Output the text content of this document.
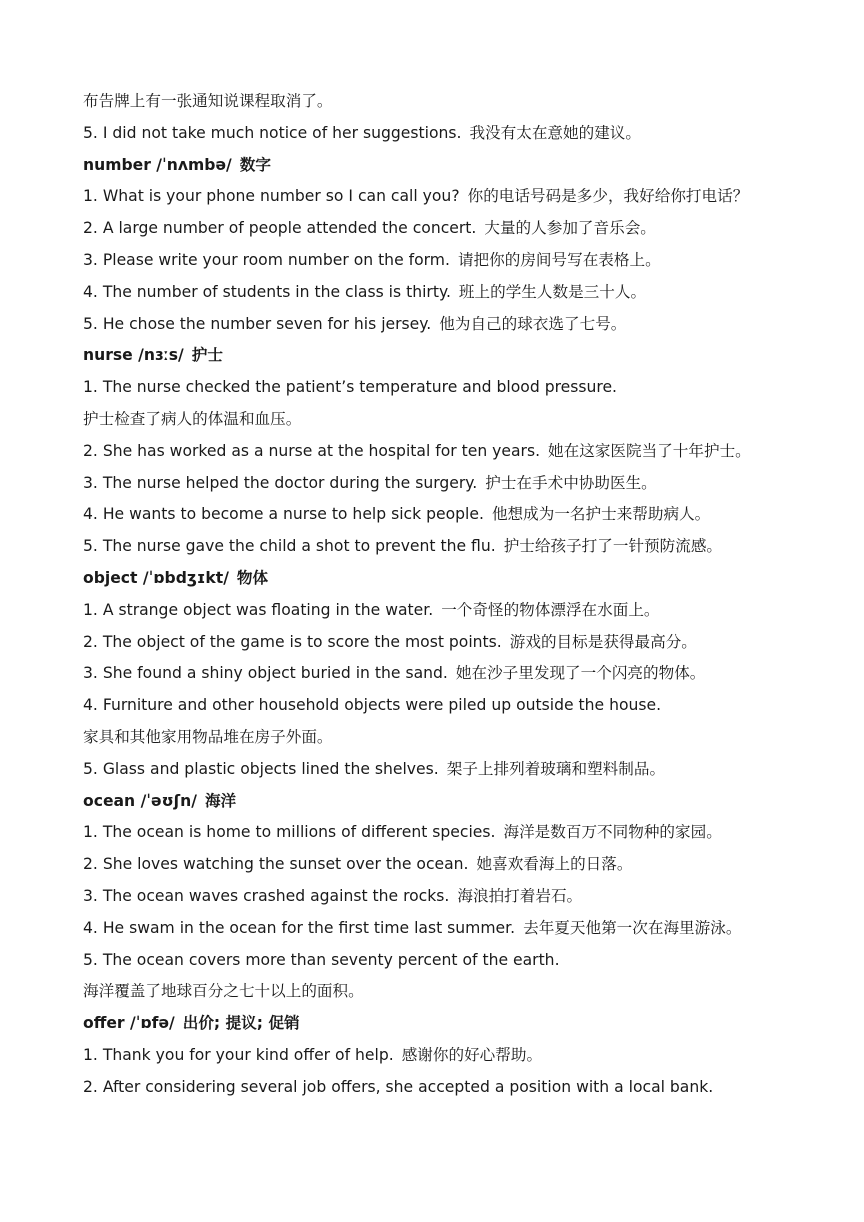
布告牌上有一张通知说课程取消了。
5. I did not take much notice of her suggestions. 我没有太在意她的建议。
number /ˈnʌmbə/ 数字
1. What is your phone number so I can call you? 你的电话号码是多少，我好给你打电话？
2. A large number of people attended the concert. 大量的人参加了音乐会。
3. Please write your room number on the form. 请把你的房间号写在表格上。
4. The number of students in the class is thirty. 班上的学生人数是三十人。
5. He chose the number seven for his jersey. 他为自己的球衣选了七号。
nurse /nɜːs/ 护士
1. The nurse checked the patient’s temperature and blood pressure.
护士检查了病人的体温和血压。
2. She has worked as a nurse at the hospital for ten years. 她在这家医院当了十年护士。
3. The nurse helped the doctor during the surgery. 护士在手术中协助医生。
4. He wants to become a nurse to help sick people. 他想成为一名护士来帮助病人。
5. The nurse gave the child a shot to prevent the flu. 护士给孩子打了一针预防流感。
object /ˈɒbdʒɪkt/ 物体
1. A strange object was floating in the water. 一个奇怪的物体漂浮在水面上。
2. The object of the game is to score the most points. 游戏的目标是获得最高分。
3. She found a shiny object buried in the sand. 她在沙子里发现了一个闪亮的物体。
4. Furniture and other household objects were piled up outside the house.
家具和其他家用物品堆在房子外面。
5. Glass and plastic objects lined the shelves. 架子上排列着玻璃和塑料制品。
ocean /ˈəʊʃn/ 海洋
1. The ocean is home to millions of different species. 海洋是数百万不同物种的家园。
2. She loves watching the sunset over the ocean. 她喜欢看海上的日落。
3. The ocean waves crashed against the rocks. 海浪拍打着岩石。
4. He swam in the ocean for the first time last summer. 去年夏天他第一次在海里游泳。
5. The ocean covers more than seventy percent of the earth.
海洋覆盖了地球百分之七十以上的面积。
offer /ˈɒfə/ 出价; 提议; 促销
1. Thank you for your kind offer of help. 感谢你的好心帮助。
2. After considering several job offers, she accepted a position with a local bank.
